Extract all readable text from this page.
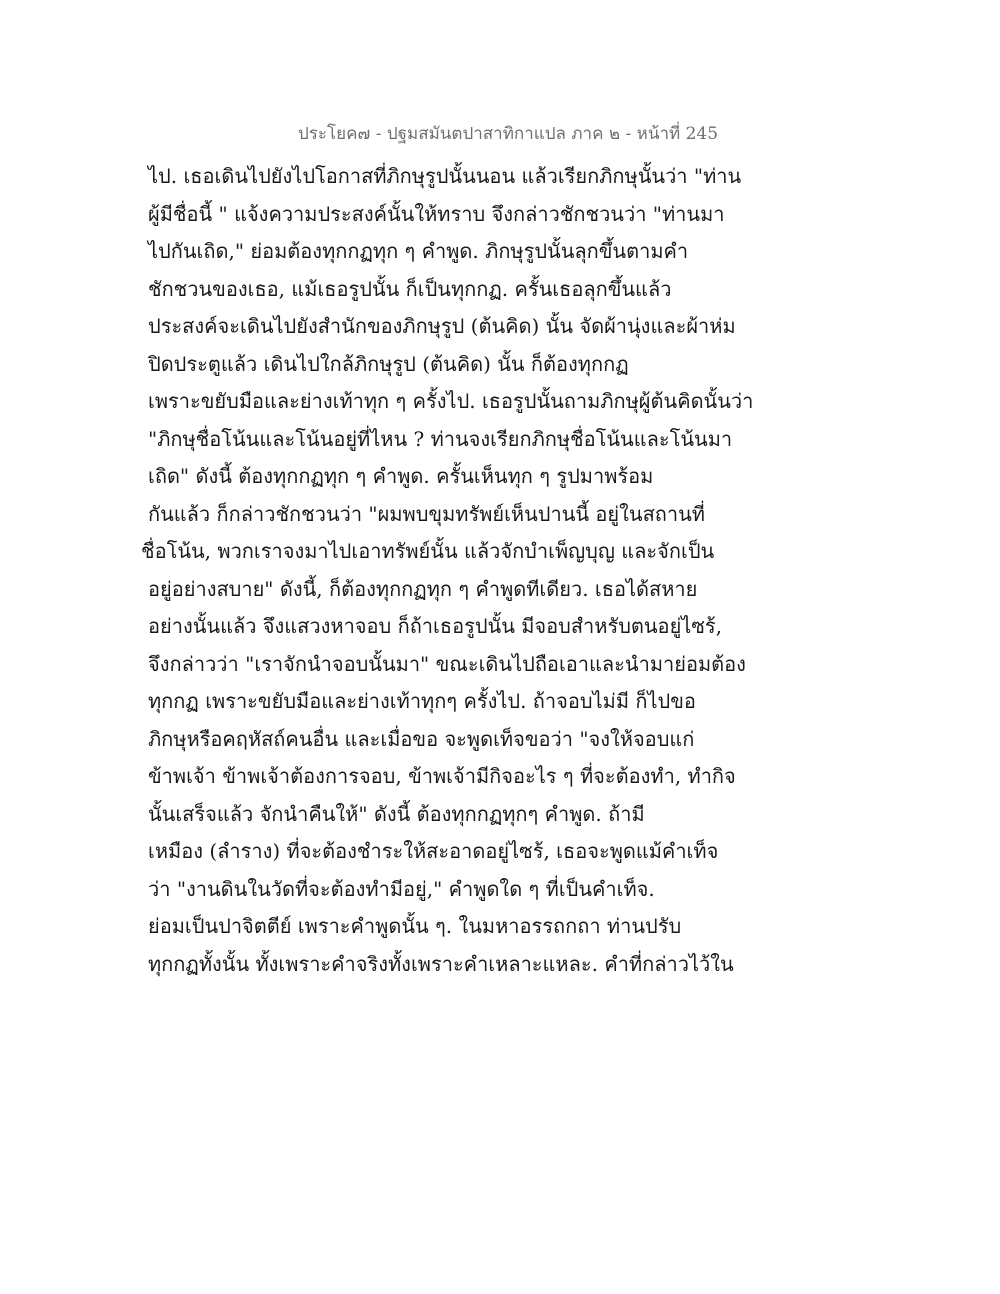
ประโยค๗ - ปฐมสมันตปาสาทิกาแปล ภาค ๒ - หน้าที่ 245
ไป. เธอเดินไปยังไปโอกาสที่ภิกษุรูปนั้นนอน แล้วเรียกภิกษุนั้นว่า "ท่าน
ผู้มีชื่อนี้ " แจ้งความประสงค์นั้นให้ทราบ จึงกล่าวชักชวนว่า "ท่านมา
ไปกันเถิด," ย่อมต้องทุกกฏทุก ๆ คำพูด. ภิกษุรูปนั้นลุกขึ้นตามคำ
ชักชวนของเธอ, แม้เธอรูปนั้น ก็เป็นทุกกฏ. ครั้นเธอลุกขึ้นแล้ว
ประสงค์จะเดินไปยังสำนักของภิกษุรูป (ต้นคิด) นั้น จัดผ้านุ่งและผ้าห่ม
ปิดประตูแล้ว เดินไปใกล้ภิกษุรูป (ต้นคิด) นั้น ก็ต้องทุกกฏ
เพราะขยับมือและย่างเท้าทุก ๆ ครั้งไป. เธอรูปนั้นถามภิกษุผู้ต้นคิดนั้นว่า
"ภิกษุชื่อโน้นและโน้นอยู่ที่ไหน ? ท่านจงเรียกภิกษุชื่อโน้นและโน้นมา
เถิด" ดังนี้ ต้องทุกกฏทุก ๆ คำพูด. ครั้นเห็นทุก ๆ รูปมาพร้อม
กันแล้ว ก็กล่าวชักชวนว่า "ผมพบขุมทรัพย์เห็นปานนี้ อยู่ในสถานที่
ชื่อโน้น, พวกเราจงมาไปเอาทรัพย์นั้น แล้วจักบำเพ็ญบุญ และจักเป็น
อยู่อย่างสบาย" ดังนี้, ก็ต้องทุกกฏทุก ๆ คำพูดทีเดียว. เธอได้สหาย
อย่างนั้นแล้ว จึงแสวงหาจอบ ก็ถ้าเธอรูปนั้น มีจอบสำหรับตนอยู่ไซร้,
จึงกล่าวว่า "เราจักนำจอบนั้นมา" ขณะเดินไปถือเอาและนำมาย่อมต้อง
ทุกกฏ เพราะขยับมือและย่างเท้าทุกๆ ครั้งไป. ถ้าจอบไม่มี ก็ไปขอ
ภิกษุหรือคฤหัสถ์คนอื่น และเมื่อขอ จะพูดเท็จขอว่า "จงให้จอบแก่
ข้าพเจ้า ข้าพเจ้าต้องการจอบ, ข้าพเจ้ามีกิจอะไร ๆ ที่จะต้องทำ, ทำกิจ
นั้นเสร็จแล้ว จักนำคืนให้" ดังนี้ ต้องทุกกฏทุกๆ คำพูด. ถ้ามี
เหมือง (ลำราง) ที่จะต้องชำระให้สะอาดอยู่ไซร้, เธอจะพูดแม้คำเท็จ
ว่า "งานดินในวัดที่จะต้องทำมีอยู่," คำพูดใด ๆ ที่เป็นคำเท็จ.
ย่อมเป็นปาจิตตีย์ เพราะคำพูดนั้น ๆ. ในมหาอรรถกถา ท่านปรับ
ทุกกฏทั้งนั้น ทั้งเพราะคำจริงทั้งเพราะคำเหลาะแหละ. คำที่กล่าวไว้ใน
